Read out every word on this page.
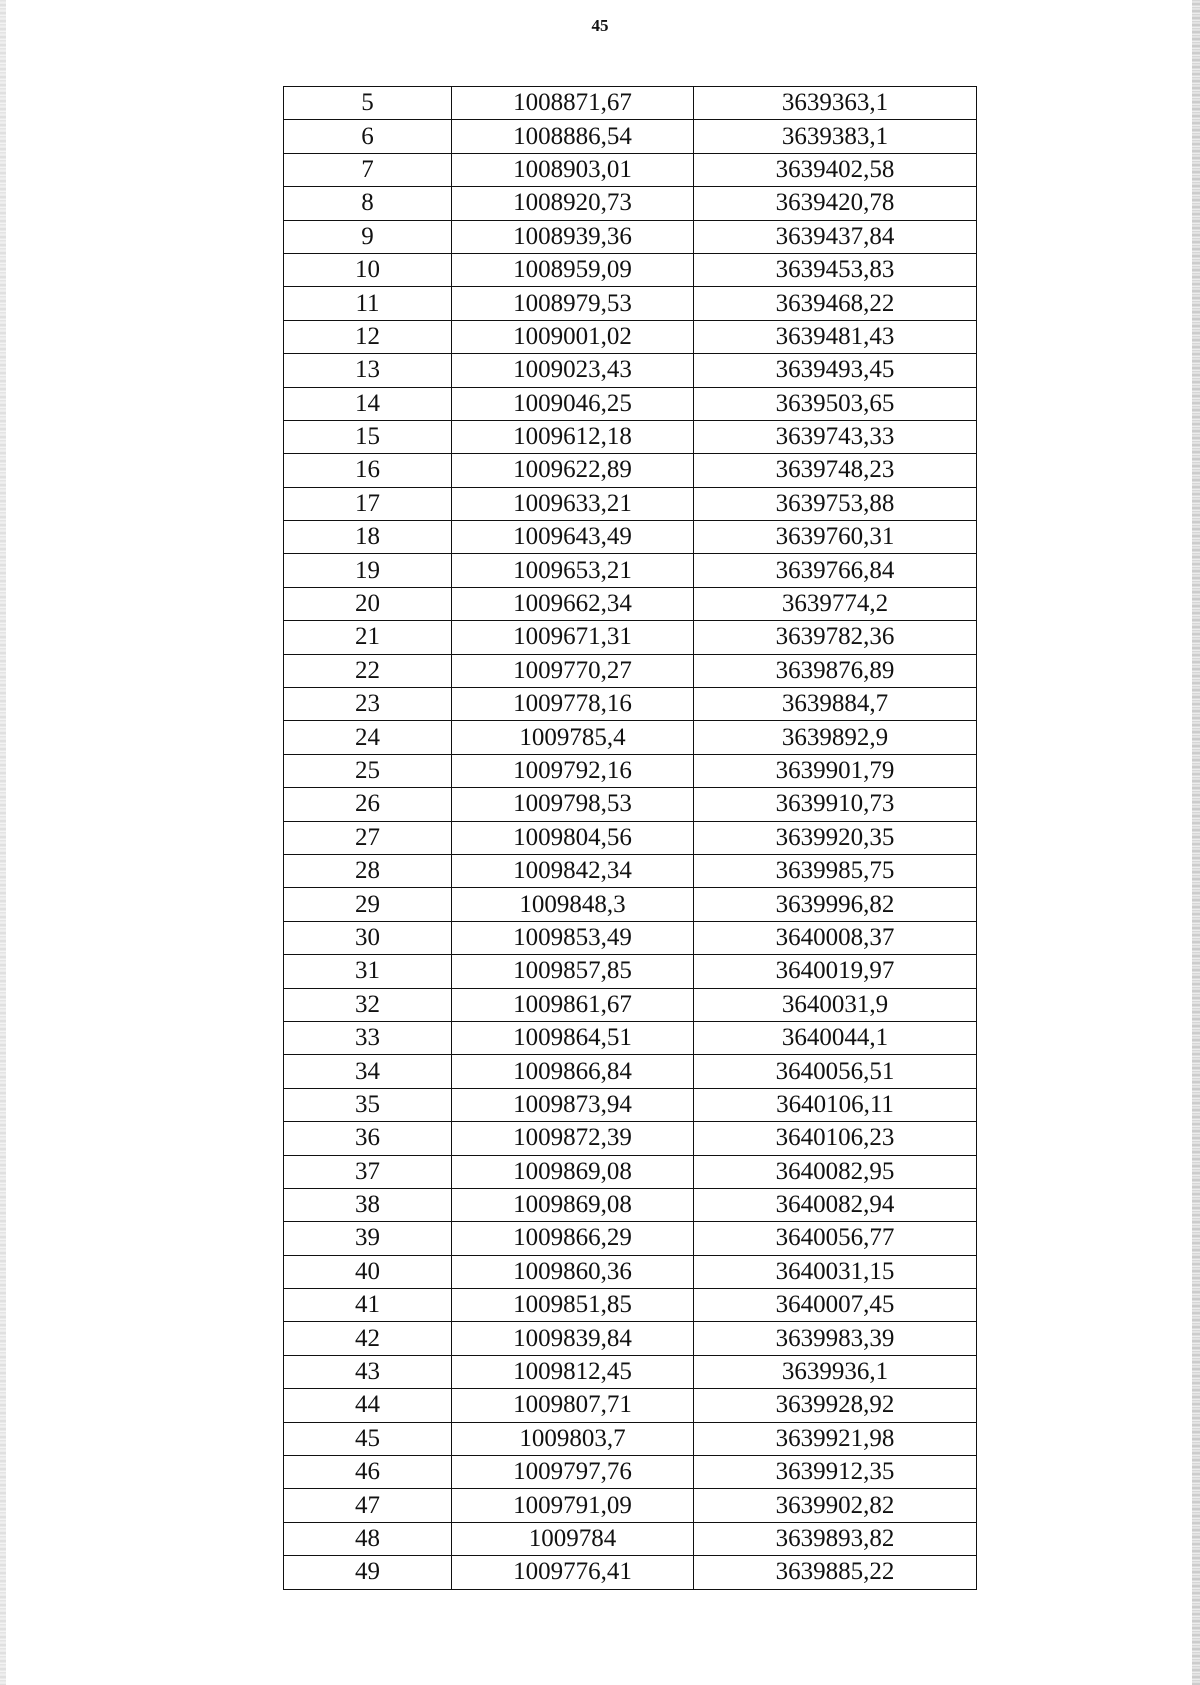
45
5	1008871,67	3639363,1
6	1008886,54	3639383,1
7	1008903,01	3639402,58
8	1008920,73	3639420,78
9	1008939,36	3639437,84
10	1008959,09	3639453,83
11	1008979,53	3639468,22
12	1009001,02	3639481,43
13	1009023,43	3639493,45
14	1009046,25	3639503,65
15	1009612,18	3639743,33
16	1009622,89	3639748,23
17	1009633,21	3639753,88
18	1009643,49	3639760,31
19	1009653,21	3639766,84
20	1009662,34	3639774,2
21	1009671,31	3639782,36
22	1009770,27	3639876,89
23	1009778,16	3639884,7
24	1009785,4	3639892,9
25	1009792,16	3639901,79
26	1009798,53	3639910,73
27	1009804,56	3639920,35
28	1009842,34	3639985,75
29	1009848,3	3639996,82
30	1009853,49	3640008,37
31	1009857,85	3640019,97
32	1009861,67	3640031,9
33	1009864,51	3640044,1
34	1009866,84	3640056,51
35	1009873,94	3640106,11
36	1009872,39	3640106,23
37	1009869,08	3640082,95
38	1009869,08	3640082,94
39	1009866,29	3640056,77
40	1009860,36	3640031,15
41	1009851,85	3640007,45
42	1009839,84	3639983,39
43	1009812,45	3639936,1
44	1009807,71	3639928,92
45	1009803,7	3639921,98
46	1009797,76	3639912,35
47	1009791,09	3639902,82
48	1009784	3639893,82
49	1009776,41	3639885,22
